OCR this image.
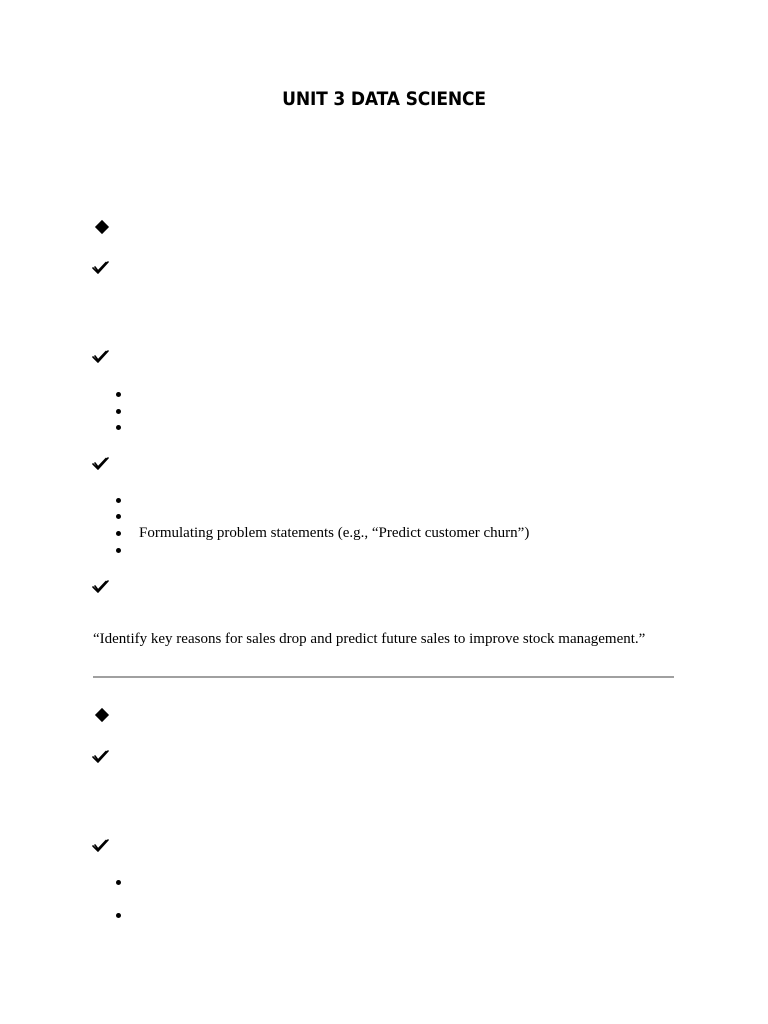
UNIT 3 DATA SCIENCE
Formulating problem statements (e.g., “Predict customer churn”)
“Identify key reasons for sales drop and predict future sales to improve stock management.”
